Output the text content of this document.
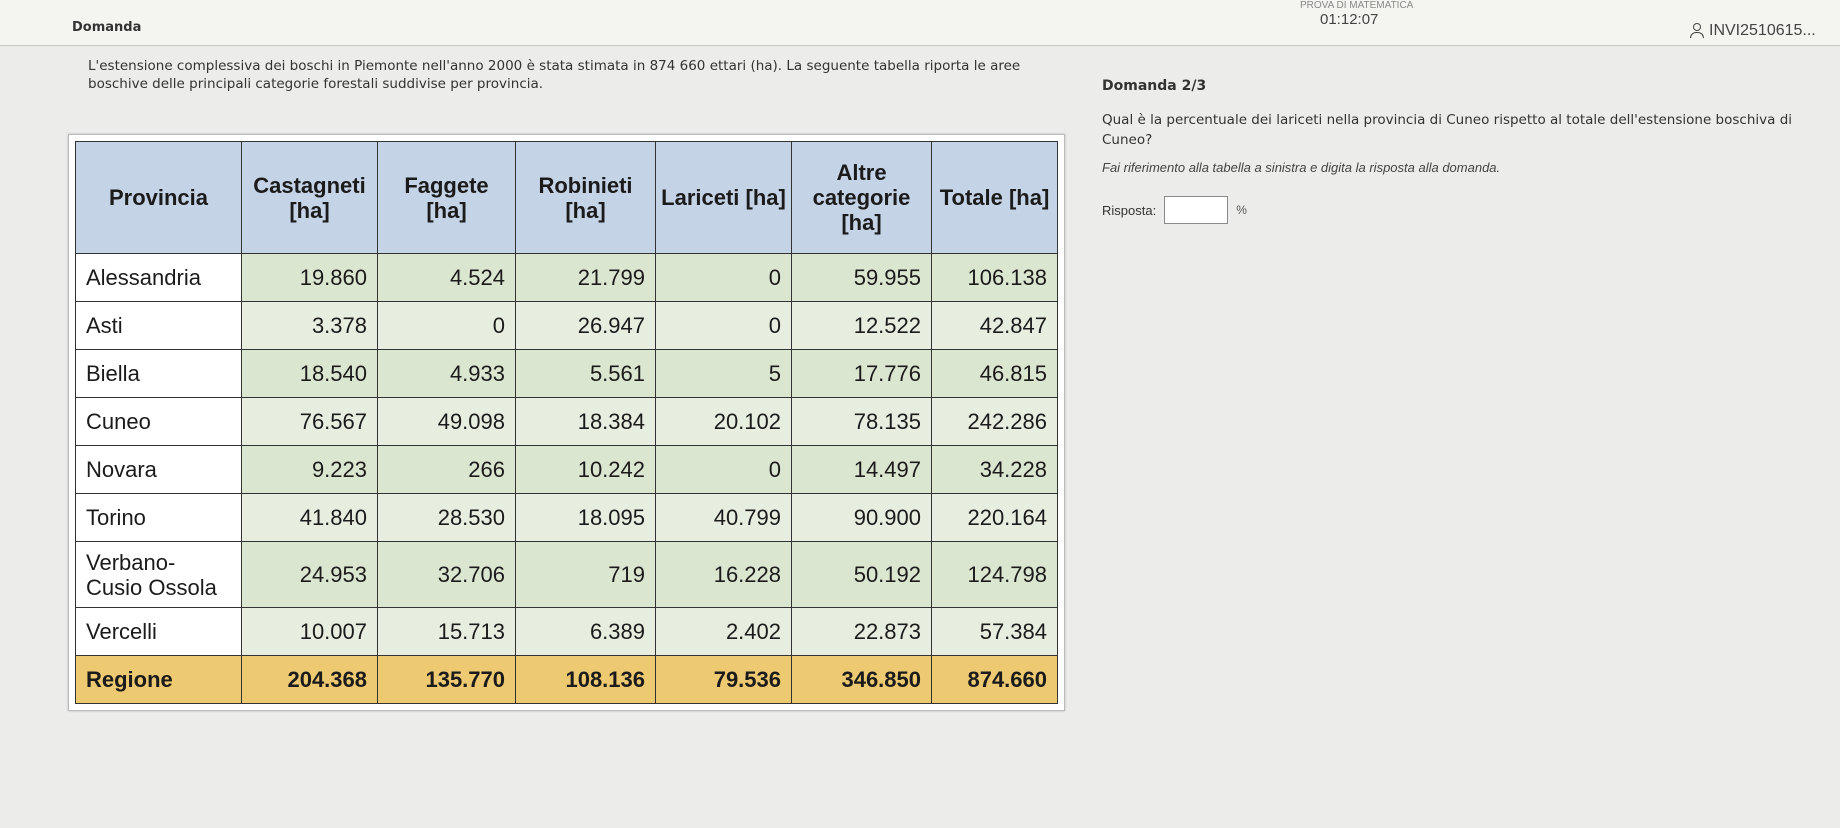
Domanda
PROVA DI MATEMATICA
01:12:07
INVI2510615...
L'estensione complessiva dei boschi in Piemonte nell'anno 2000 è stata stimata in 874 660 ettari (ha). La seguente tabella riporta le aree boschive delle principali categorie forestali suddivise per provincia.
Provincia	Castagneti [ha]	Faggete [ha]	Robinieti [ha]	Lariceti [ha]	Altre categorie [ha]	Totale [ha]
Alessandria	19.860	4.524	21.799	0	59.955	106.138
Asti	3.378	0	26.947	0	12.522	42.847
Biella	18.540	4.933	5.561	5	17.776	46.815
Cuneo	76.567	49.098	18.384	20.102	78.135	242.286
Novara	9.223	266	10.242	0	14.497	34.228
Torino	41.840	28.530	18.095	40.799	90.900	220.164
Verbano-Cusio Ossola	24.953	32.706	719	16.228	50.192	124.798
Vercelli	10.007	15.713	6.389	2.402	22.873	57.384
Regione	204.368	135.770	108.136	79.536	346.850	874.660
Domanda 2/3
Qual è la percentuale dei lariceti nella provincia di Cuneo rispetto al totale dell'estensione boschiva di Cuneo?
Fai riferimento alla tabella a sinistra e digita la risposta alla domanda.
Risposta:	%
